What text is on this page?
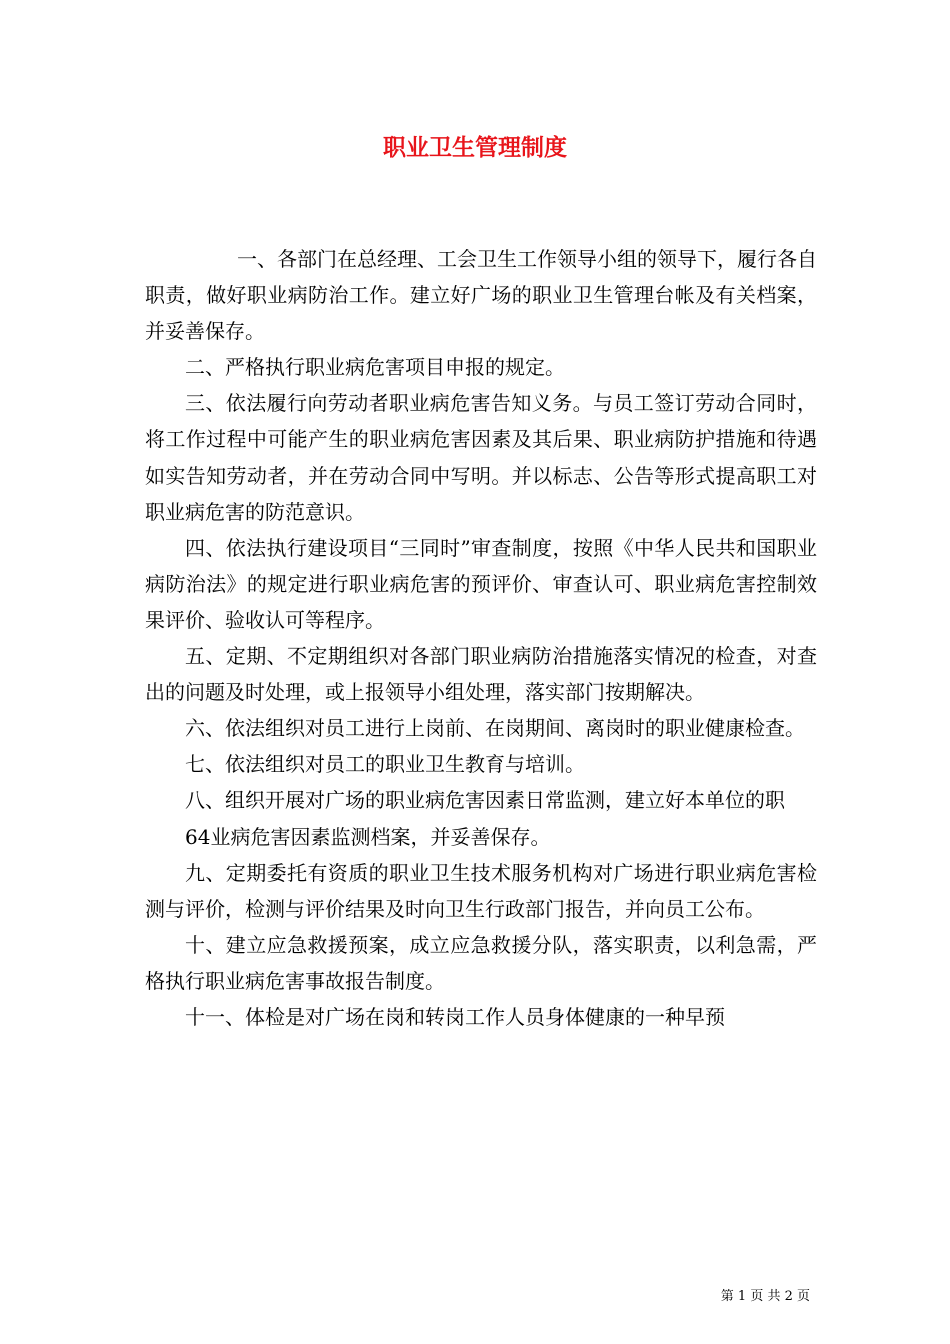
职业卫生管理制度

一、各部门在总经理、工会卫生工作领导小组的领导下，履行各自职责，做好职业病防治工作。建立好广场的职业卫生管理台帐及有关档案，并妥善保存。

二、严格执行职业病危害项目申报的规定。

三、依法履行向劳动者职业病危害告知义务。与员工签订劳动合同时，将工作过程中可能产生的职业病危害因素及其后果、职业病防护措施和待遇如实告知劳动者，并在劳动合同中写明。并以标志、公告等形式提高职工对职业病危害的防范意识。

四、依法执行建设项目“三同时”审查制度，按照《中华人民共和国职业病防治法》的规定进行职业病危害的预评价、审查认可、职业病危害控制效果评价、验收认可等程序。

五、定期、不定期组织对各部门职业病防治措施落实情况的检查，对查出的问题及时处理，或上报领导小组处理，落实部门按期解决。

六、依法组织对员工进行上岗前、在岗期间、离岗时的职业健康检查。

七、依法组织对员工的职业卫生教育与培训。

八、组织开展对广场的职业病危害因素日常监测，建立好本单位的职

64业病危害因素监测档案，并妥善保存。

九、定期委托有资质的职业卫生技术服务机构对广场进行职业病危害检测与评价，检测与评价结果及时向卫生行政部门报告，并向员工公布。

十、建立应急救援预案，成立应急救援分队，落实职责，以利急需，严格执行职业病危害事故报告制度。

十一、体检是对广场在岗和转岗工作人员身体健康的一种早预

第 1 页 共 2 页
